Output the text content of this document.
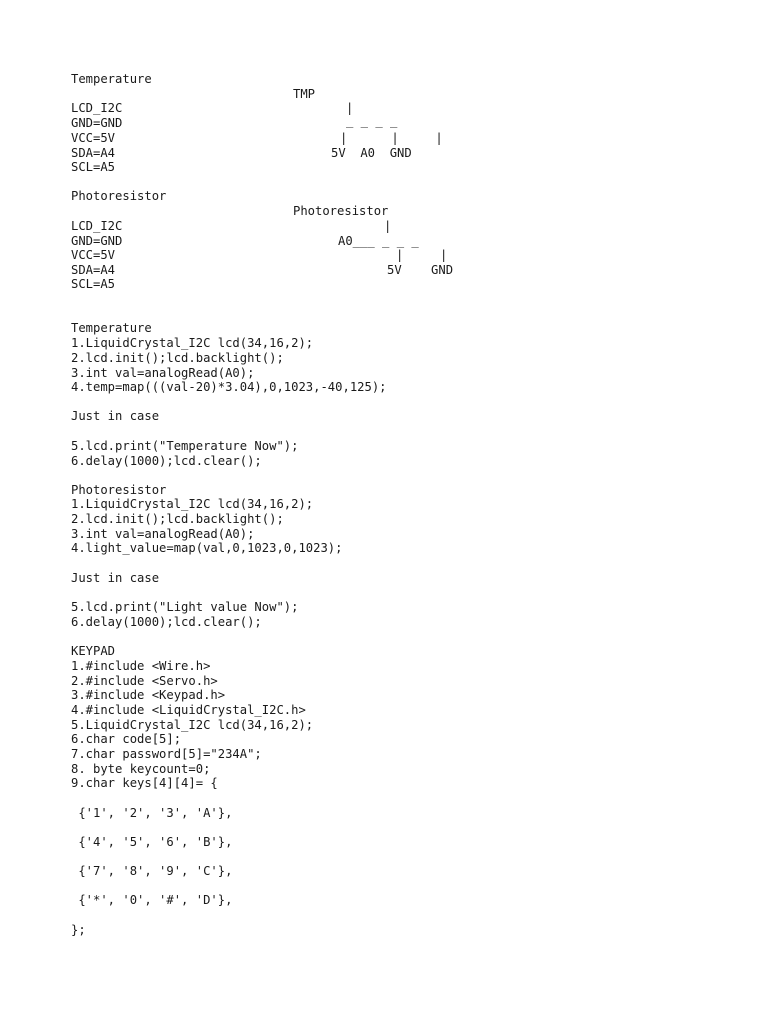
Temperature
TMP
LCD_I2C	|
GND=GND	_ _ _ _
VCC=5V	|      |     |
SDA=A4	5V  A0  GND
SCL=A5
Photoresistor
Photoresistor
LCD_I2C	|
GND=GND	A0___ _ _ _
VCC=5V	|     |
SDA=A4	5V    GND
SCL=A5
Temperature
1.LiquidCrystal_I2C lcd(34,16,2);
2.lcd.init();lcd.backlight();
3.int val=analogRead(A0);
4.temp=map(((val-20)*3.04),0,1023,-40,125);
Just in case
5.lcd.print("Temperature Now");
6.delay(1000);lcd.clear();
Photoresistor
1.LiquidCrystal_I2C lcd(34,16,2);
2.lcd.init();lcd.backlight();
3.int val=analogRead(A0);
4.light_value=map(val,0,1023,0,1023);
Just in case
5.lcd.print("Light value Now");
6.delay(1000);lcd.clear();
KEYPAD
1.#include <Wire.h>
2.#include <Servo.h>
3.#include <Keypad.h>
4.#include <LiquidCrystal_I2C.h>
5.LiquidCrystal_I2C lcd(34,16,2);
6.char code[5];
7.char password[5]="234A";
8. byte keycount=0;
9.char keys[4][4]= {
{'1', '2', '3', 'A'},
{'4', '5', '6', 'B'},
{'7', '8', '9', 'C'},
{'*', '0', '#', 'D'},
};
